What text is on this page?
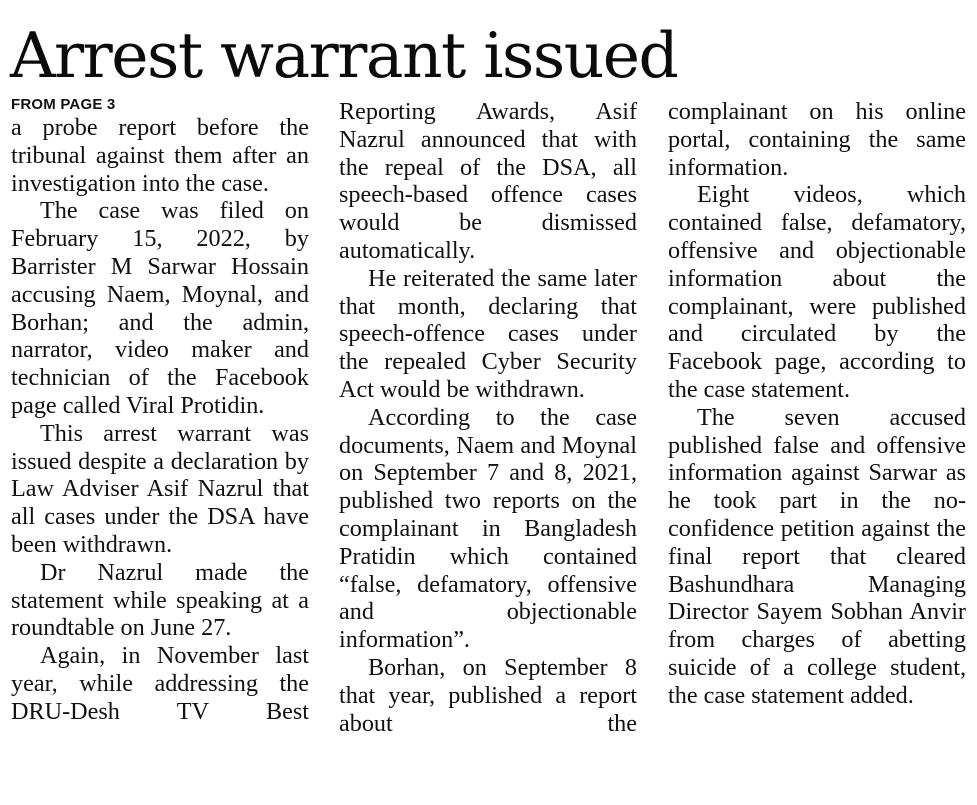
Arrest warrant issued
FROM PAGE 3

a probe report before the tribunal against them after an investigation into the case.

The case was filed on February 15, 2022, by Barrister M Sarwar Hossain accusing Naem, Moynal, and Borhan; and the admin, narrator, video maker and technician of the Facebook page called Viral Protidin.

This arrest warrant was issued despite a declaration by Law Adviser Asif Nazrul that all cases under the DSA have been withdrawn.

Dr Nazrul made the statement while speaking at a roundtable on June 27.

Again, in November last year, while addressing the DRU-Desh TV Best

Reporting Awards, Asif Nazrul announced that with the repeal of the DSA, all speech-based offence cases would be dismissed automatically.

He reiterated the same later that month, declaring that speech-offence cases under the repealed Cyber Security Act would be withdrawn.

According to the case documents, Naem and Moynal on September 7 and 8, 2021, published two reports on the complainant in Bangladesh Pratidin which contained “false, defamatory, offensive and objectionable information”.

Borhan, on September 8 that year, published a report about the

complainant on his online portal, containing the same information.

Eight videos, which contained false, defamatory, offensive and objectionable information about the complainant, were published and circulated by the Facebook page, according to the case statement.

The seven accused published false and offensive information against Sarwar as he took part in the no-confidence petition against the final report that cleared Bashundhara Managing Director Sayem Sobhan Anvir from charges of abetting suicide of a college student, the case statement added.
